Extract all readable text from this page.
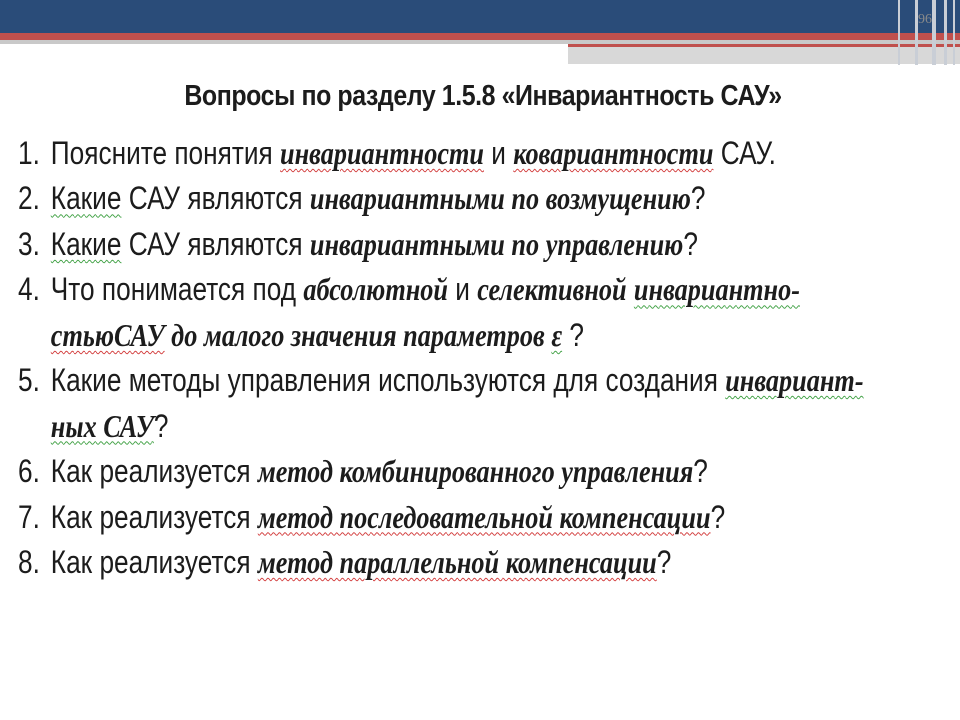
96
Вопросы по разделу 1.5.8 «Инвариантность САУ»
1. Поясните понятия инвариантности и ковариантности САУ.
2. Какие САУ являются инвариантными по возмущению?
3. Какие САУ являются инвариантными по управлению?
4. Что понимается под абсолютной и селективной инвариантно-
стьюСАУ до малого значения параметров ε ?
5. Какие методы управления используются для создания инвариант-
ных САУ?
6. Как реализуется метод комбинированного управления?
7. Как реализуется метод последовательной компенсации?
8. Как реализуется метод параллельной компенсации?
